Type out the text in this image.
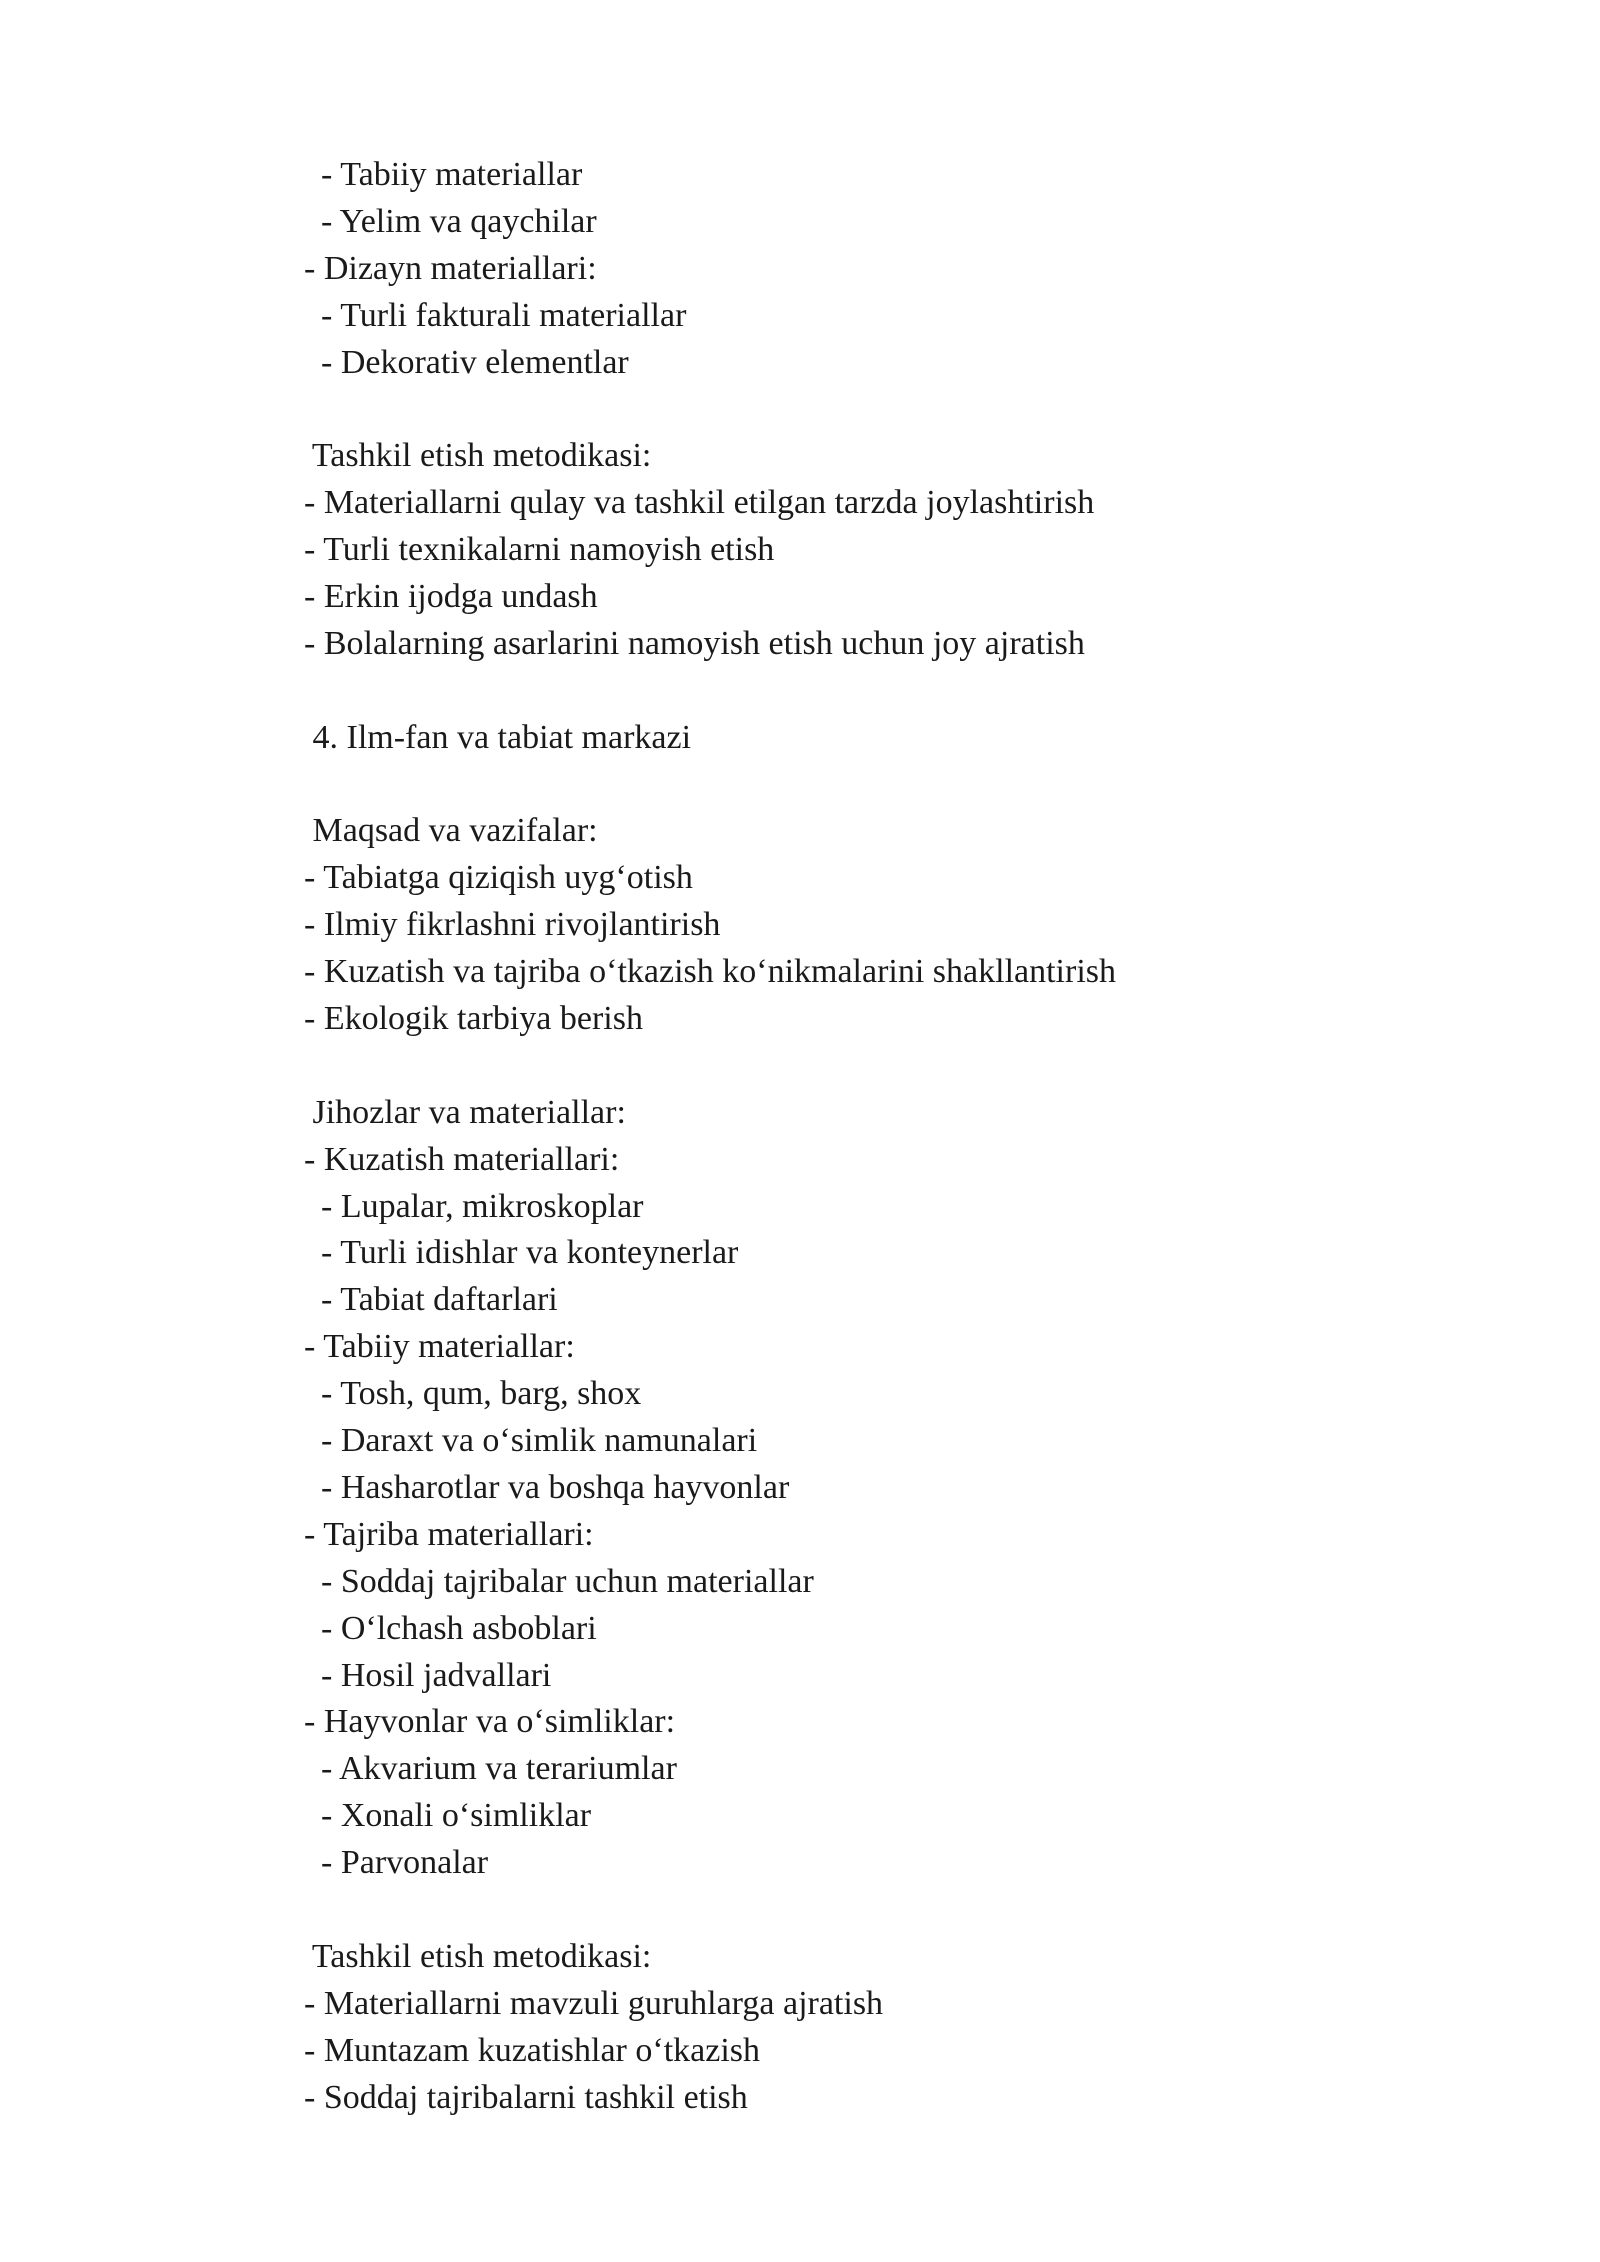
- Tabiiy materiallar
- Yelim va qaychilar
- Dizayn materiallari:
- Turli fakturali materiallar
- Dekorativ elementlar
Tashkil etish metodikasi:
- Materiallarni qulay va tashkil etilgan tarzda joylashtirish
- Turli texnikalarni namoyish etish
- Erkin ijodga undash
- Bolalarning asarlarini namoyish etish uchun joy ajratish
4. Ilm-fan va tabiat markazi
Maqsad va vazifalar:
- Tabiatga qiziqish uyg‘otish
- Ilmiy fikrlashni rivojlantirish
- Kuzatish va tajriba o‘tkazish ko‘nikmalarini shakllantirish
- Ekologik tarbiya berish
Jihozlar va materiallar:
- Kuzatish materiallari:
- Lupalar, mikroskoplar
- Turli idishlar va konteynerlar
- Tabiat daftarlari
- Tabiiy materiallar:
- Tosh, qum, barg, shox
- Daraxt va o‘simlik namunalari
- Hasharotlar va boshqa hayvonlar
- Tajriba materiallari:
- Soddaj tajribalar uchun materiallar
- O‘lchash asboblari
- Hosil jadvallari
- Hayvonlar va o‘simliklar:
- Akvarium va terariumlar
- Xonali o‘simliklar
- Parvonalar
Tashkil etish metodikasi:
- Materiallarni mavzuli guruhlarga ajratish
- Muntazam kuzatishlar o‘tkazish
- Soddaj tajribalarni tashkil etish
